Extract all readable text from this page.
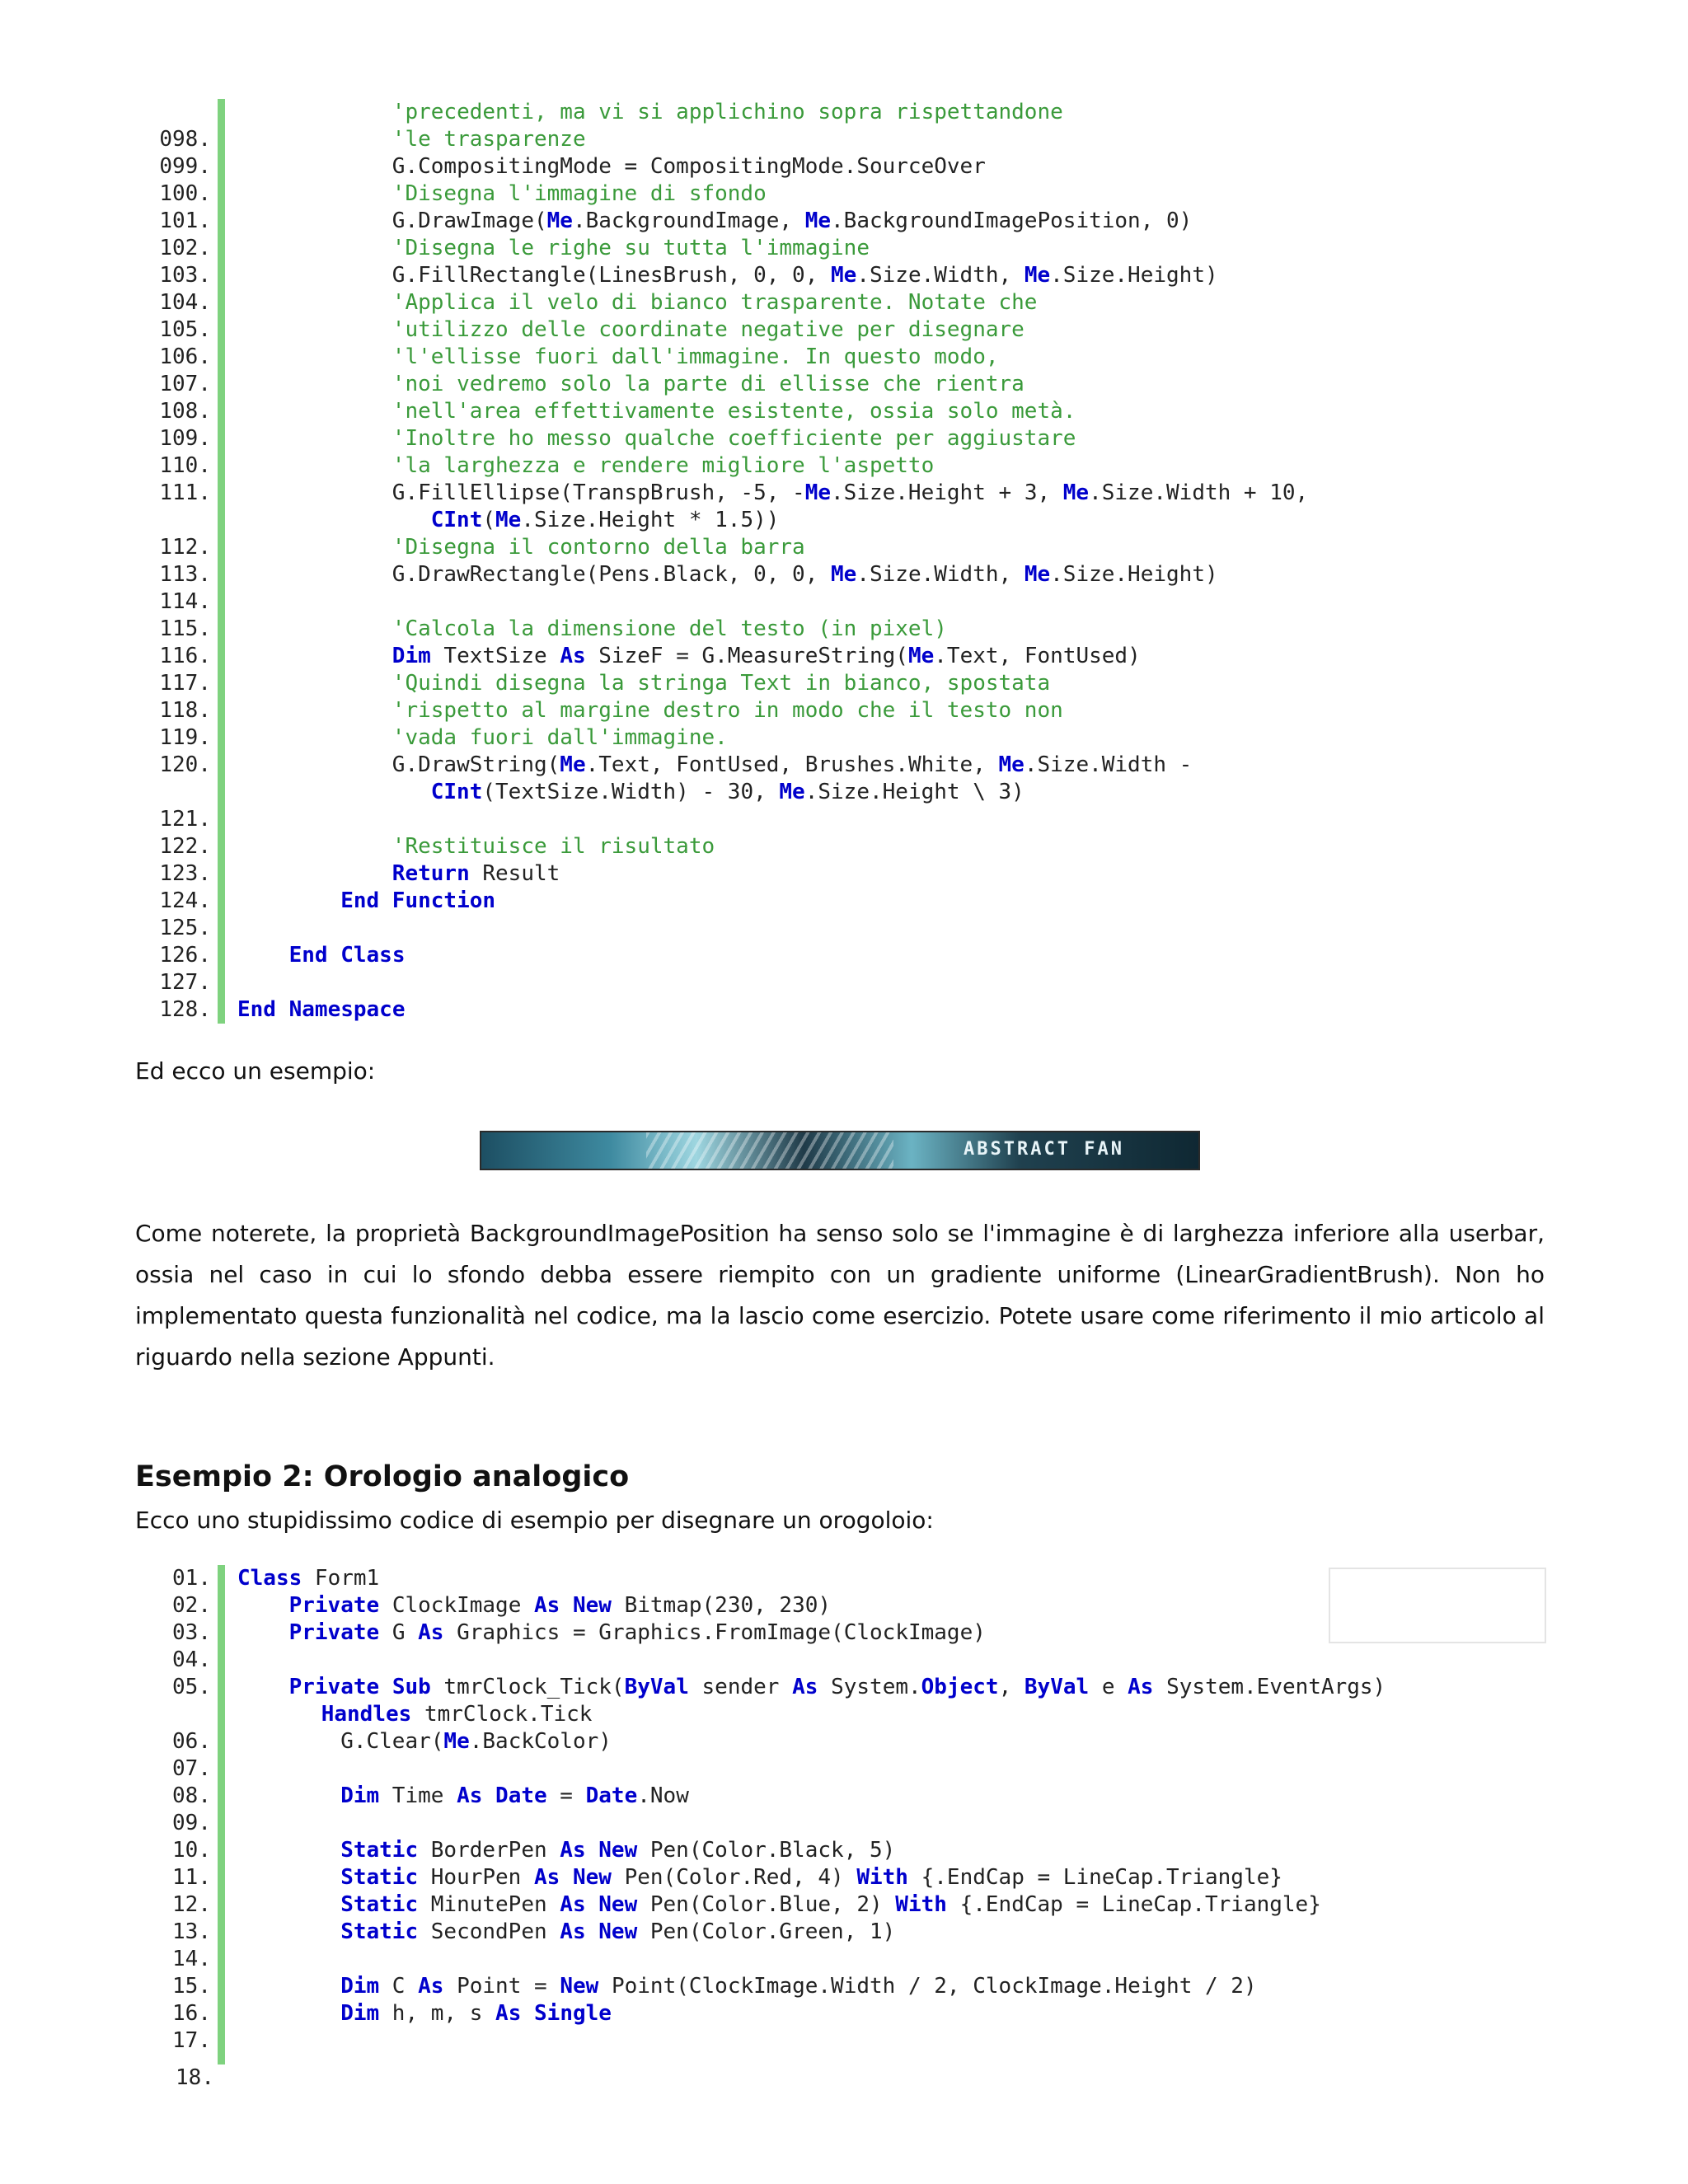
'precedenti, ma vi si applichino sopra rispettandone
098.	'le trasparenze
099.	G.CompositingMode = CompositingMode.SourceOver
100.	'Disegna l'immagine di sfondo
101.	G.DrawImage(Me.BackgroundImage, Me.BackgroundImagePosition, 0)
102.	'Disegna le righe su tutta l'immagine
103.	G.FillRectangle(LinesBrush, 0, 0, Me.Size.Width, Me.Size.Height)
104.	'Applica il velo di bianco trasparente. Notate che
105.	'utilizzo delle coordinate negative per disegnare
106.	'l'ellisse fuori dall'immagine. In questo modo,
107.	'noi vedremo solo la parte di ellisse che rientra
108.	'nell'area effettivamente esistente, ossia solo metà.
109.	'Inoltre ho messo qualche coefficiente per aggiustare
110.	'la larghezza e rendere migliore l'aspetto
111.	G.FillEllipse(TranspBrush, -5, -Me.Size.Height + 3, Me.Size.Width + 10,
CInt(Me.Size.Height * 1.5))
112.	'Disegna il contorno della barra
113.	G.DrawRectangle(Pens.Black, 0, 0, Me.Size.Width, Me.Size.Height)
114.
115.	'Calcola la dimensione del testo (in pixel)
116.	Dim TextSize As SizeF = G.MeasureString(Me.Text, FontUsed)
117.	'Quindi disegna la stringa Text in bianco, spostata
118.	'rispetto al margine destro in modo che il testo non
119.	'vada fuori dall'immagine.
120.	G.DrawString(Me.Text, FontUsed, Brushes.White, Me.Size.Width -
CInt(TextSize.Width) - 30, Me.Size.Height \ 3)
121.
122.	'Restituisce il risultato
123.	Return Result
124.	End Function
125.
126.	End Class
127.
128. End Namespace
Ed ecco un esempio:
ABSTRACT FAN
Come noterete, la proprietà BackgroundImagePosition ha senso solo se l'immagine è di larghezza inferiore alla userbar, ossia nel caso in cui lo sfondo debba essere riempito con un gradiente uniforme (LinearGradientBrush). Non ho implementato questa funzionalità nel codice, ma la lascio come esercizio. Potete usare come riferimento il mio articolo al riguardo nella sezione Appunti.
Esempio 2: Orologio analogico
Ecco uno stupidissimo codice di esempio per disegnare un orogoloio:
01. Class Form1
02.	Private ClockImage As New Bitmap(230, 230)
03.	Private G As Graphics = Graphics.FromImage(ClockImage)
04.
05.	Private Sub tmrClock_Tick(ByVal sender As System.Object, ByVal e As System.EventArgs)
Handles tmrClock.Tick
06.	G.Clear(Me.BackColor)
07.
08.	Dim Time As Date = Date.Now
09.
10.	Static BorderPen As New Pen(Color.Black, 5)
11.	Static HourPen As New Pen(Color.Red, 4) With {.EndCap = LineCap.Triangle}
12.	Static MinutePen As New Pen(Color.Blue, 2) With {.EndCap = LineCap.Triangle}
13.	Static SecondPen As New Pen(Color.Green, 1)
14.
15.	Dim C As Point = New Point(ClockImage.Width / 2, ClockImage.Height / 2)
16.	Dim h, m, s As Single
17.
18.
